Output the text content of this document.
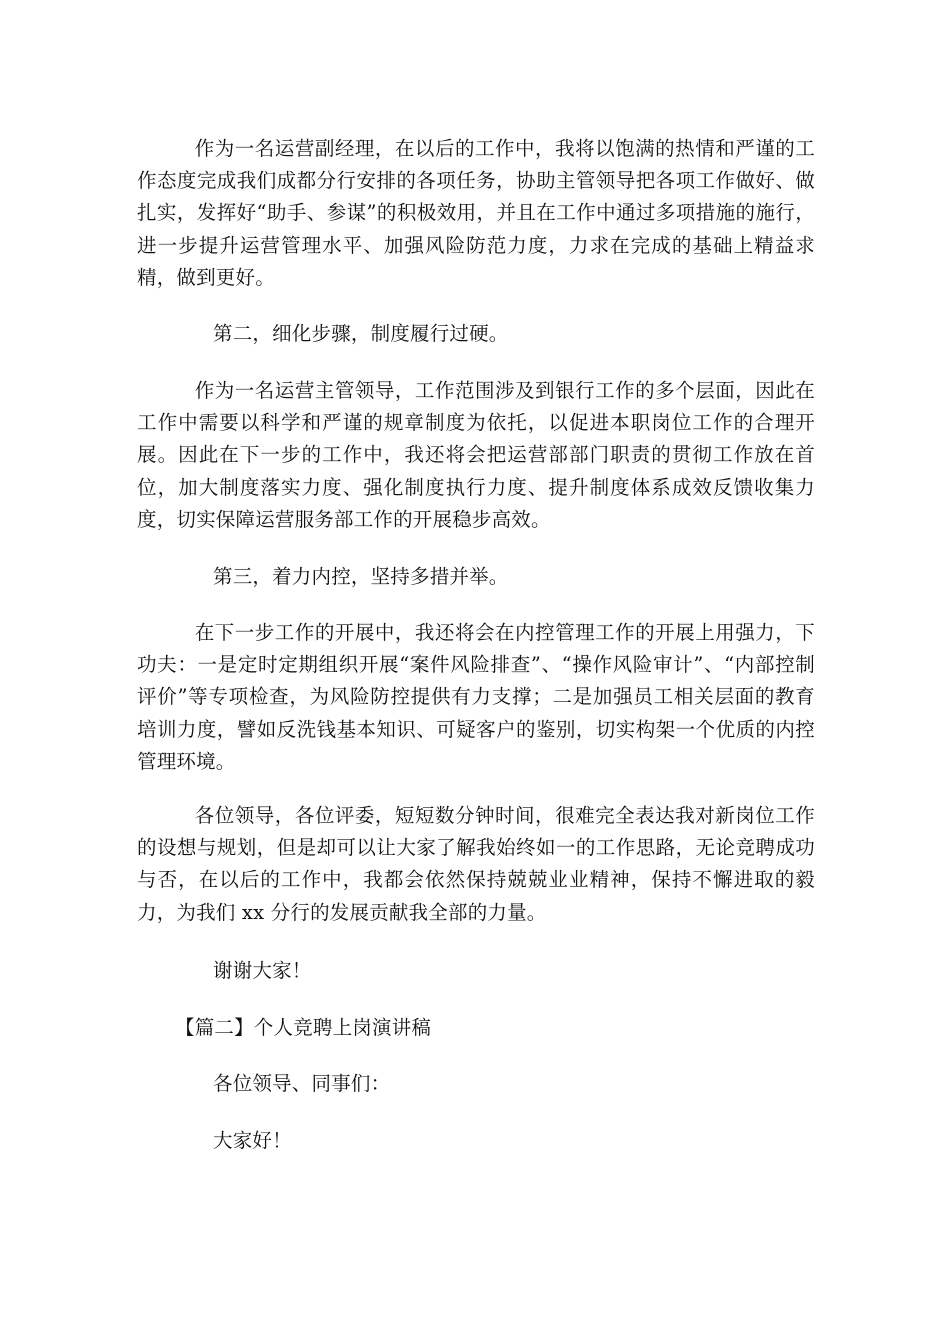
作为一名运营副经理，在以后的工作中，我将以饱满的热情和严谨的工作态度完成我们成都分行安排的各项任务，协助主管领导把各项工作做好、做扎实，发挥好“助手、参谋”的积极效用，并且在工作中通过多项措施的施行，进一步提升运营管理水平、加强风险防范力度，力求在完成的基础上精益求精，做到更好。

第二，细化步骤，制度履行过硬。

作为一名运营主管领导，工作范围涉及到银行工作的多个层面，因此在工作中需要以科学和严谨的规章制度为依托，以促进本职岗位工作的合理开展。因此在下一步的工作中，我还将会把运营部部门职责的贯彻工作放在首位，加大制度落实力度、强化制度执行力度、提升制度体系成效反馈收集力度，切实保障运营服务部工作的开展稳步高效。

第三，着力内控，坚持多措并举。

在下一步工作的开展中，我还将会在内控管理工作的开展上用强力，下功夫：一是定时定期组织开展“案件风险排查”、“操作风险审计”、“内部控制评价”等专项检查，为风险防控提供有力支撑；二是加强员工相关层面的教育培训力度，譬如反洗钱基本知识、可疑客户的鉴别，切实构架一个优质的内控管理环境。

各位领导，各位评委，短短数分钟时间，很难完全表达我对新岗位工作的设想与规划，但是却可以让大家了解我始终如一的工作思路，无论竞聘成功与否，在以后的工作中，我都会依然保持兢兢业业精神，保持不懈进取的毅力，为我们 xx 分行的发展贡献我全部的力量。

谢谢大家！

【篇二】个人竞聘上岗演讲稿

各位领导、同事们：

大家好！
